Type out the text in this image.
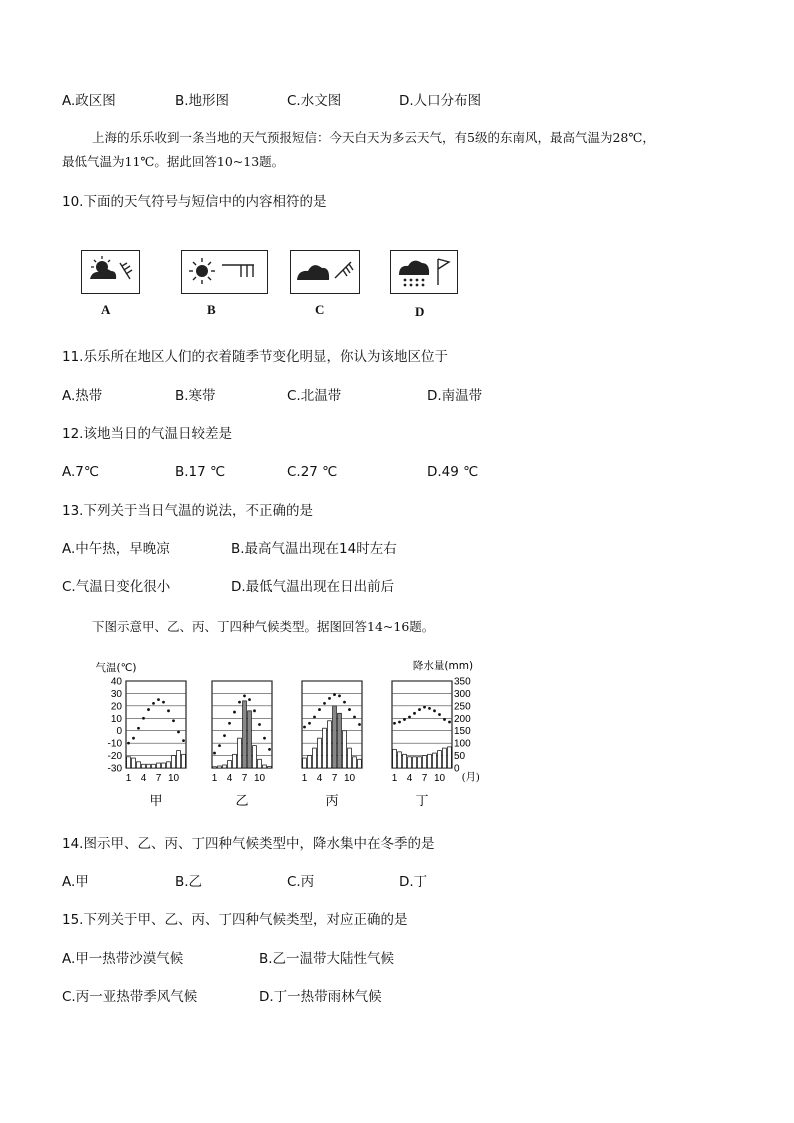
A.政区图	B.地形图	C.水文图	D.人口分布图
上海的乐乐收到一条当地的天气预报短信：今天白天为多云天气，有5级的东南风，最高气温为28℃，
最低气温为11℃。据此回答10~13题。
10.下面的天气符号与短信中的内容相符的是
A	B	C	D
11.乐乐所在地区人们的衣着随季节变化明显，你认为该地区位于
A.热带	B.寒带	C.北温带	D.南温带
12.该地当日的气温日较差是
A.7℃	B.17 ℃	C.27 ℃	D.49 ℃
13.下列关于当日气温的说法，不正确的是
A.中午热，早晚凉	B.最高气温出现在14时左右
C.气温日变化很小	D.最低气温出现在日出前后
下图示意甲、乙、丙、丁四种气候类型。据图回答14~16题。
气温(℃)	降水量(mm)
40
30
20
10
0
-10
-20
-30
350
300
250
200
150
100
50
0
1 4 7 10
甲
1 4 7 10
乙
1 4 7 10
丙
1 4 7 10
丁
(月)
14.图示甲、乙、丙、丁四种气候类型中，降水集中在冬季的是
A.甲	B.乙	C.丙	D.丁
15.下列关于甲、乙、丙、丁四种气候类型，对应正确的是
A.甲一热带沙漠气候	B.乙一温带大陆性气候
C.丙一亚热带季风气候	D.丁一热带雨林气候
